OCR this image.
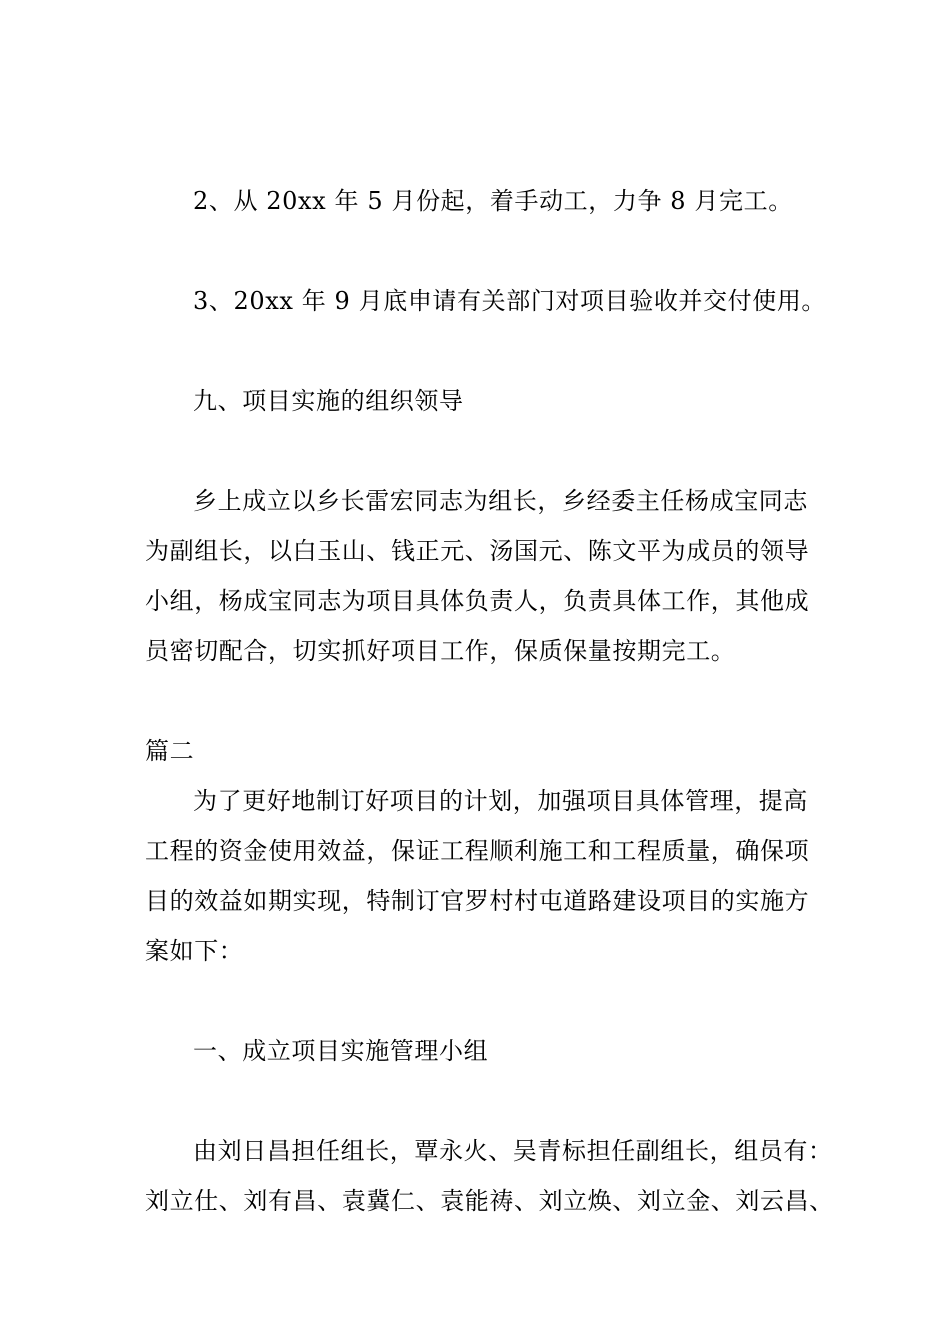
2、从 20xx 年 5 月份起，着手动工，力争 8 月完工。
3、20xx 年 9 月底申请有关部门对项目验收并交付使用。
九、项目实施的组织领导
乡上成立以乡长雷宏同志为组长，乡经委主任杨成宝同志
为副组长，以白玉山、钱正元、汤国元、陈文平为成员的领导
小组，杨成宝同志为项目具体负责人，负责具体工作，其他成
员密切配合，切实抓好项目工作，保质保量按期完工。
篇二
为了更好地制订好项目的计划，加强项目具体管理，提高
工程的资金使用效益，保证工程顺利施工和工程质量，确保项
目的效益如期实现，特制订官罗村村屯道路建设项目的实施方
案如下：
一、成立项目实施管理小组
由刘日昌担任组长，覃永火、吴青标担任副组长，组员有：
刘立仕、刘有昌、袁冀仁、袁能祷、刘立焕、刘立金、刘云昌、
